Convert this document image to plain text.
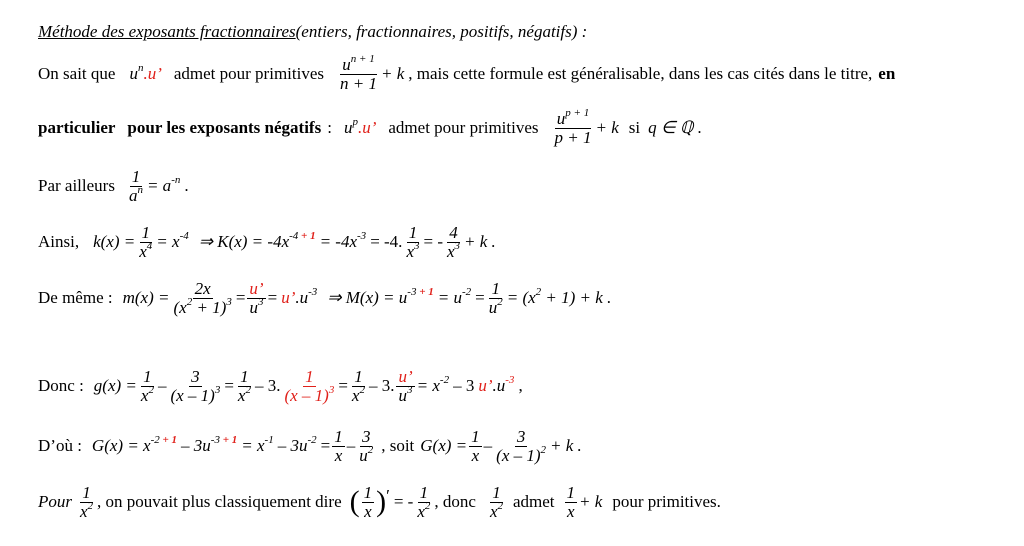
Méthode des exposants fractionnaires (entiers, fractionnaires, positifs, négatifs) :
On sait que $u^n.u$’ admet pour primitives $\frac{u^{n + 1}}{n + 1} + k$ , mais cette formule est généralisable, dans les cas cités dans le titre, en
particulier pour les exposants négatifs : $u^p.u$’ admet pour primitives $\frac{u^{p + 1}}{p + 1} + k$ si q ∈ ℚ .
Par ailleurs $\frac{1}{a^n} = a^{-n}$ .
Ainsi, $k(x) = \frac{1}{x^4} = x^{-4}$ ⇒ $K(x) = -4x^{-4 + 1} = -4x^{-3} = -4$. $\frac{1}{x^3}$ = - $\frac{4}{x^3} + k$ .
De même : $m(x) = \frac{2x}{(x^2 + 1)^3} = \frac{u’}{u^3} = u$’ $.u^{-3}$ ⇒ $M(x) = u^{-3 + 1} = u^{-2} = \frac{1}{u^2} = (x^2 + 1) + k$ .
Donc : $g(x) = \frac{1}{x^2} - \frac{3}{(x - 1)^3} = \frac{1}{x^2} - 3$. $\frac{1}{(x - 1)^3} = \frac{1}{x^2} - 3$. $\frac{u’}{u^3} = x^{-2} - 3$ u’ $.u^{-3}$ ,
D’où : $G(x) = x^{-2 + 1} - 3u^{-3 + 1} = x^{-1} - 3u^{-2} = \frac{1}{x} - \frac{3}{u^2}$ , soit $G(x) = \frac{1}{x} - \frac{3}{(x - 1)^2} + k$ .
Pour $\frac{1}{x^2}$ , on pouvait plus classiquement dire ( $\frac{1}{x}$ ) ′ = - $\frac{1}{x^2}$ , donc $\frac{1}{x^2}$ admet $\frac{1}{x} + k$ pour primitives.
